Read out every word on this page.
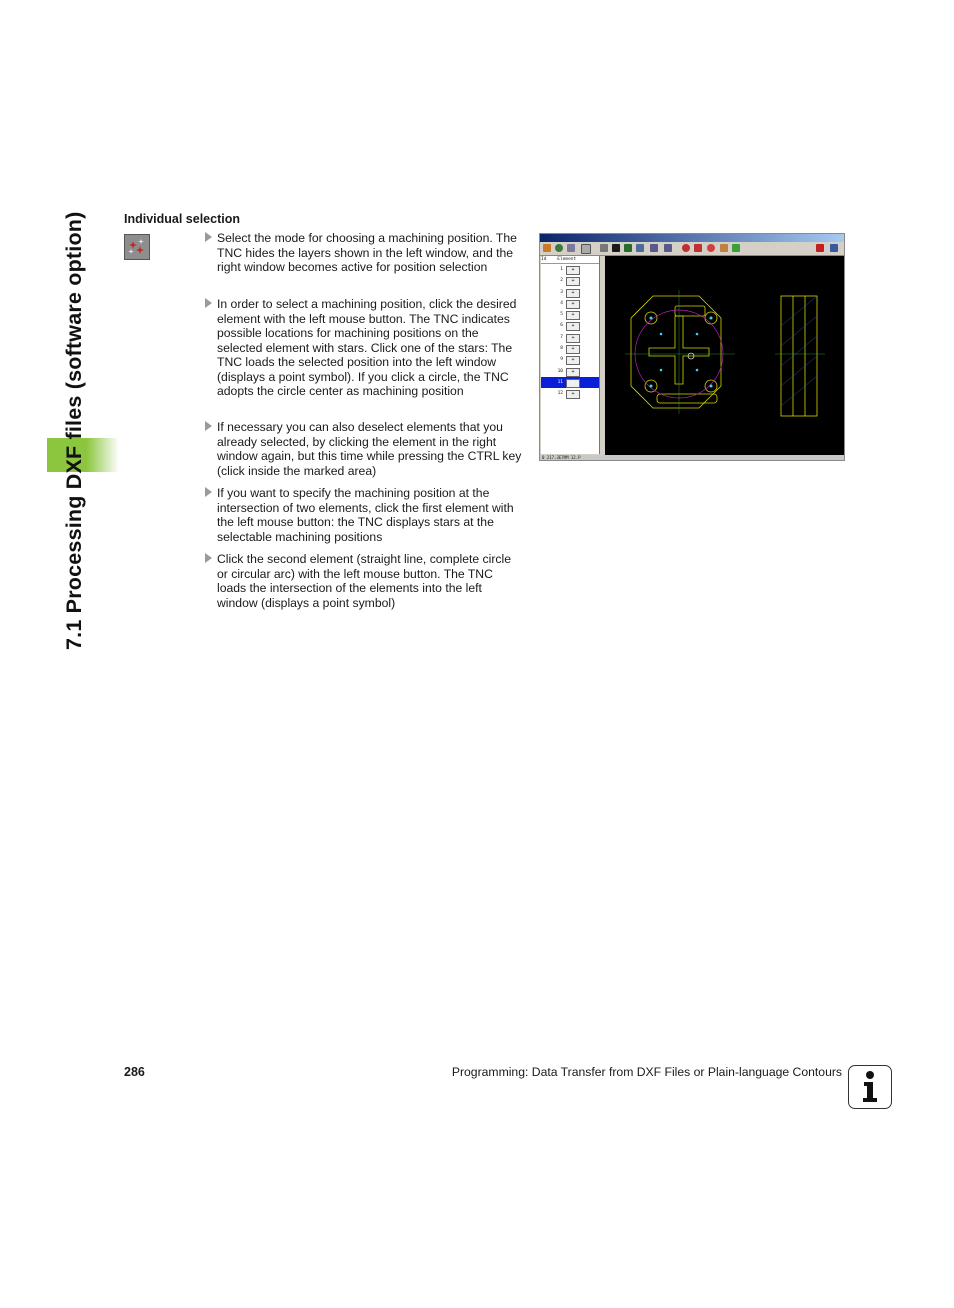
7.1 Processing DXF files (software option)	Individual selection
Select the mode for choosing a machining position. The TNC hides the layers shown in the left window, and the right window becomes active for position selection
In order to select a machining position, click the desired element with the left mouse button. The TNC indicates possible locations for machining positions on the selected element with stars. Click one of the stars: The TNC loads the selected position into the left window (displays a point symbol). If you click a circle, the TNC adopts the circle center as machining position
If necessary you can also deselect elements that you already selected, by clicking the element in the right window again, but this time while pressing the CTRL key (click inside the marked area)
If you want to specify the machining position at the intersection of two elements, click the first element with the left mouse button: the TNC displays stars at the selectable machining positions
Click the second element (straight line, complete circle or circular arc) with the left mouse button. The TNC loads the intersection of the elements into the left window (displays a point symbol)
Id Element
1	+
2	+
3	+
4	+
5	+
6	+
7	+
8	+
9	+
10	+
11	+
12	+
0 217.3E7MM 12.P
286	Programming: Data Transfer from DXF Files or Plain-language Contours
